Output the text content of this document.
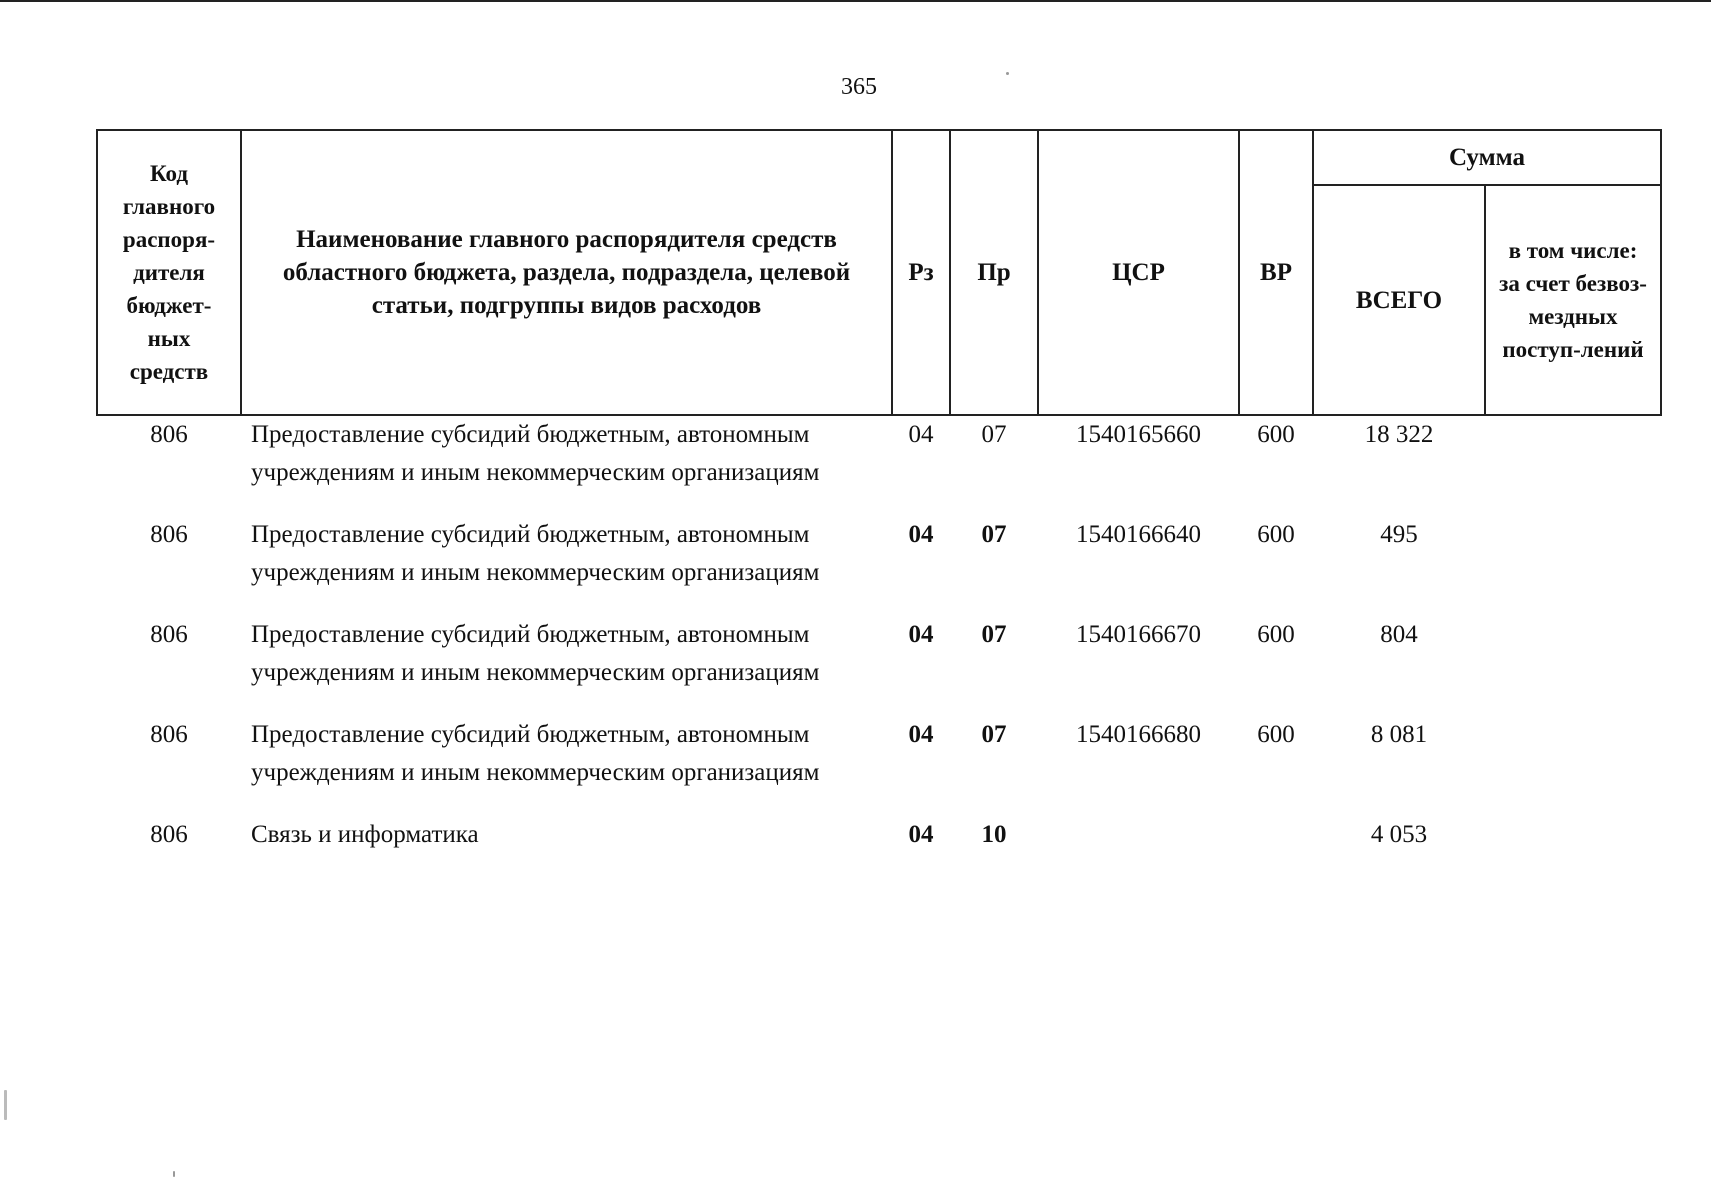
365
Код главного распоря-дителя бюджет-ных средств	Наименование главного распорядителя средств областного бюджета, раздела, подраздела, целевой статьи, подгруппы видов расходов	Рз	Пр	ЦСР	ВР	Сумма	
						ВСЕГО	в том числе: за счет безвоз-мездных поступ-лений
806	Предоставление субсидий бюджетным, автономным учреждениям и иным некоммерческим организациям	04	07	1540165660	600	18 322	
806	Предоставление субсидий бюджетным, автономным учреждениям и иным некоммерческим организациям	04	07	1540166640	600	495	
806	Предоставление субсидий бюджетным, автономным учреждениям и иным некоммерческим организациям	04	07	1540166670	600	804	
806	Предоставление субсидий бюджетным, автономным учреждениям и иным некоммерческим организациям	04	07	1540166680	600	8 081	
806	Связь и информатика	04	10			4 053	
